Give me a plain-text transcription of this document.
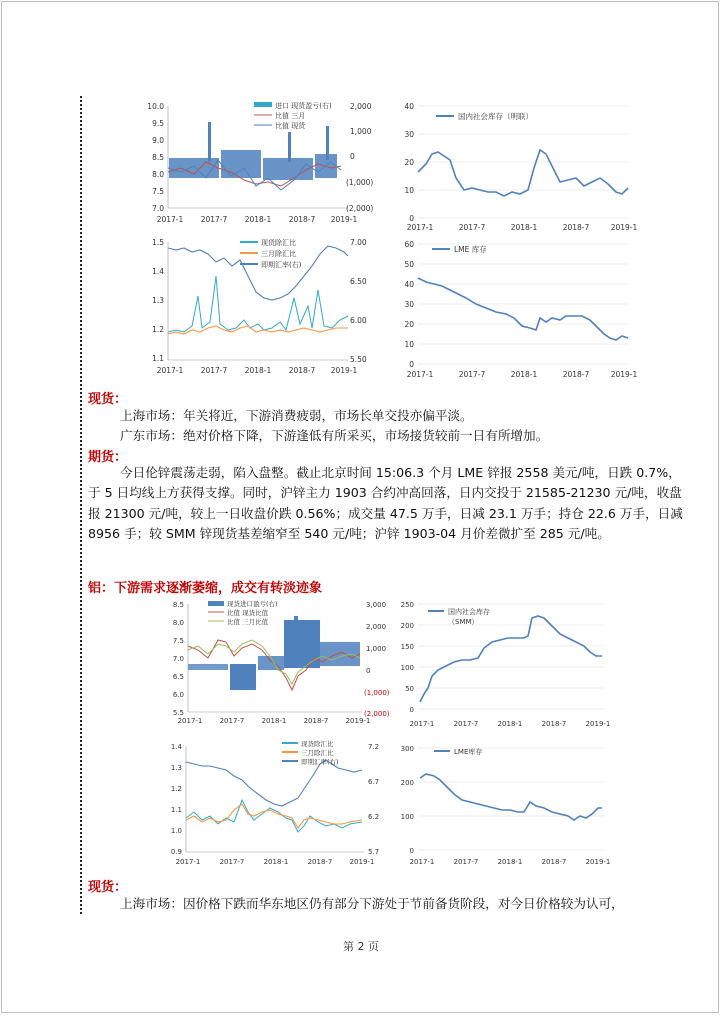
10.0
9.5
9.0
8.5
8.0
7.5
7.0
2,000
1,000
0
(1,000)
(2,000)
2017-1 2017-7 2018-1 2018-7 2019-1
进口 现货盈亏(右)
比值 三月
比值 现货
40
30
20
10
0
2017-1	2017-7	2018-1	2018-7	2019-1
国内社会库存（明联）
1.5
1.4
1.3
1.2
1.1
7.00
6.50
6.00
5.50
2017-1 2017-7 2018-1 2018-7 2019-1
现货除汇比
三月除汇比
即期汇率(右)
60
50
40
30
20
10
0
2017-1	2017-7	2018-1	2018-7	2019-1
LME 库存
现货：

上海市场：年关将近，下游消费疲弱，市场长单交投亦偏平淡。

广东市场：绝对价格下降，下游逢低有所采买，市场接货较前一日有所增加。

期货：

今日伦锌震荡走弱，陷入盘整。截止北京时间 15:06.3 个月 LME 锌报 2558 美元/吨，日跌 0.7%，于 5 日均线上方获得支撑。同时，沪锌主力 1903 合约冲高回落，日内交投于 21585-21230 元/吨，收盘报 21300 元/吨，较上一日收盘价跌 0.56%；成交量 47.5 万手，日减 23.1 万手；持仓 22.6 万手，日减 8956 手；较 SMM 锌现货基差缩窄至 540 元/吨；沪锌 1903-04 月价差微扩至 285 元/吨。

铝：下游需求逐渐萎缩，成交有转淡迹象
8.5
8.0
7.5
7.0
6.5
6.0
5.5
3,000
2,000
1,000
0
(1,000)
(2,000)
2017-1 2017-7 2018-1 2018-7 2019-1
现货进口盈亏(右)
比值 现货比值
比值 三月比值
250
200
150
100
50
0
2017-1	2017-7	2018-1	2018-7	2019-1
国内社会库存
（SMM）
1.4
1.3
1.2
1.1
1.0
0.9
7.2
6.7
6.2
5.7
2017-1	2017-7	2018-1	2018-7 2019-1
现货除汇比
三月除汇比
即期汇率(右)
300
200
100
0
2017-1	2017-7	2018-1	2018-7	2019-1
LME库存
现货：

上海市场：因价格下跌而华东地区仍有部分下游处于节前备货阶段，对今日价格较为认可，

第 2 页
